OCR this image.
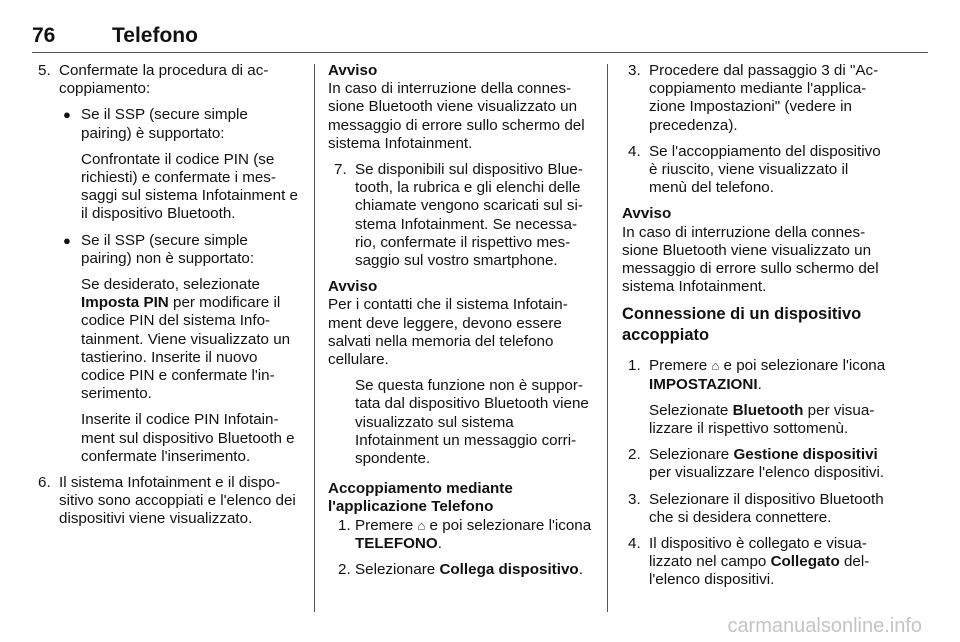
76	Telefono
5. Confermate la procedura di accoppiamento:
● Se il SSP (secure simple pairing) è supportato:

Confrontate il codice PIN (se richiesti) e confermate i messaggi sul sistema Infotainment e il dispositivo Bluetooth.

● Se il SSP (secure simple pairing) non è supportato:

Se desiderato, selezionate Imposta PIN per modificare il codice PIN del sistema Infotainment. Viene visualizzato un tastierino. Inserite il nuovo codice PIN e confermate l'inserimento.

Inserite il codice PIN Infotainment sul dispositivo Bluetooth e confermate l'inserimento.

6. Il sistema Infotainment e il dispositivo sono accoppiati e l'elenco dei dispositivi viene visualizzato.

Avviso

In caso di interruzione della connessione Bluetooth viene visualizzato un messaggio di errore sullo schermo del sistema Infotainment.

7. Se disponibili sul dispositivo Bluetooth, la rubrica e gli elenchi delle chiamate vengono scaricati sul sistema Infotainment. Se necessario, confermate il rispettivo messaggio sul vostro smartphone.

Avviso

Per i contatti che il sistema Infotainment deve leggere, devono essere salvati nella memoria del telefono cellulare.

Se questa funzione non è supportata dal dispositivo Bluetooth viene visualizzato sul sistema Infotainment un messaggio corrispondente.

Accoppiamento mediante l'applicazione Telefono

1. Premere ⌂ e poi selezionare l'icona TELEFONO.
2. Selezionare Collega dispositivo.
3. Procedere dal passaggio 3 di "Accoppiamento mediante l'applicazione Impostazioni" (vedere in precedenza).
4. Se l'accoppiamento del dispositivo è riuscito, viene visualizzato il menù del telefono.

Avviso

In caso di interruzione della connessione Bluetooth viene visualizzato un messaggio di errore sullo schermo del sistema Infotainment.

Connessione di un dispositivo accoppiato
1. Premere ⌂ e poi selezionare l'icona IMPOSTAZIONI.

Selezionate Bluetooth per visualizzare il rispettivo sottomenù.

2. Selezionare Gestione dispositivi per visualizzare l'elenco dispositivi.
3. Selezionare il dispositivo Bluetooth che si desidera connettere.
4. Il dispositivo è collegato e visualizzato nel campo Collegato dell'elenco dispositivi.
carmanualsonline.info
